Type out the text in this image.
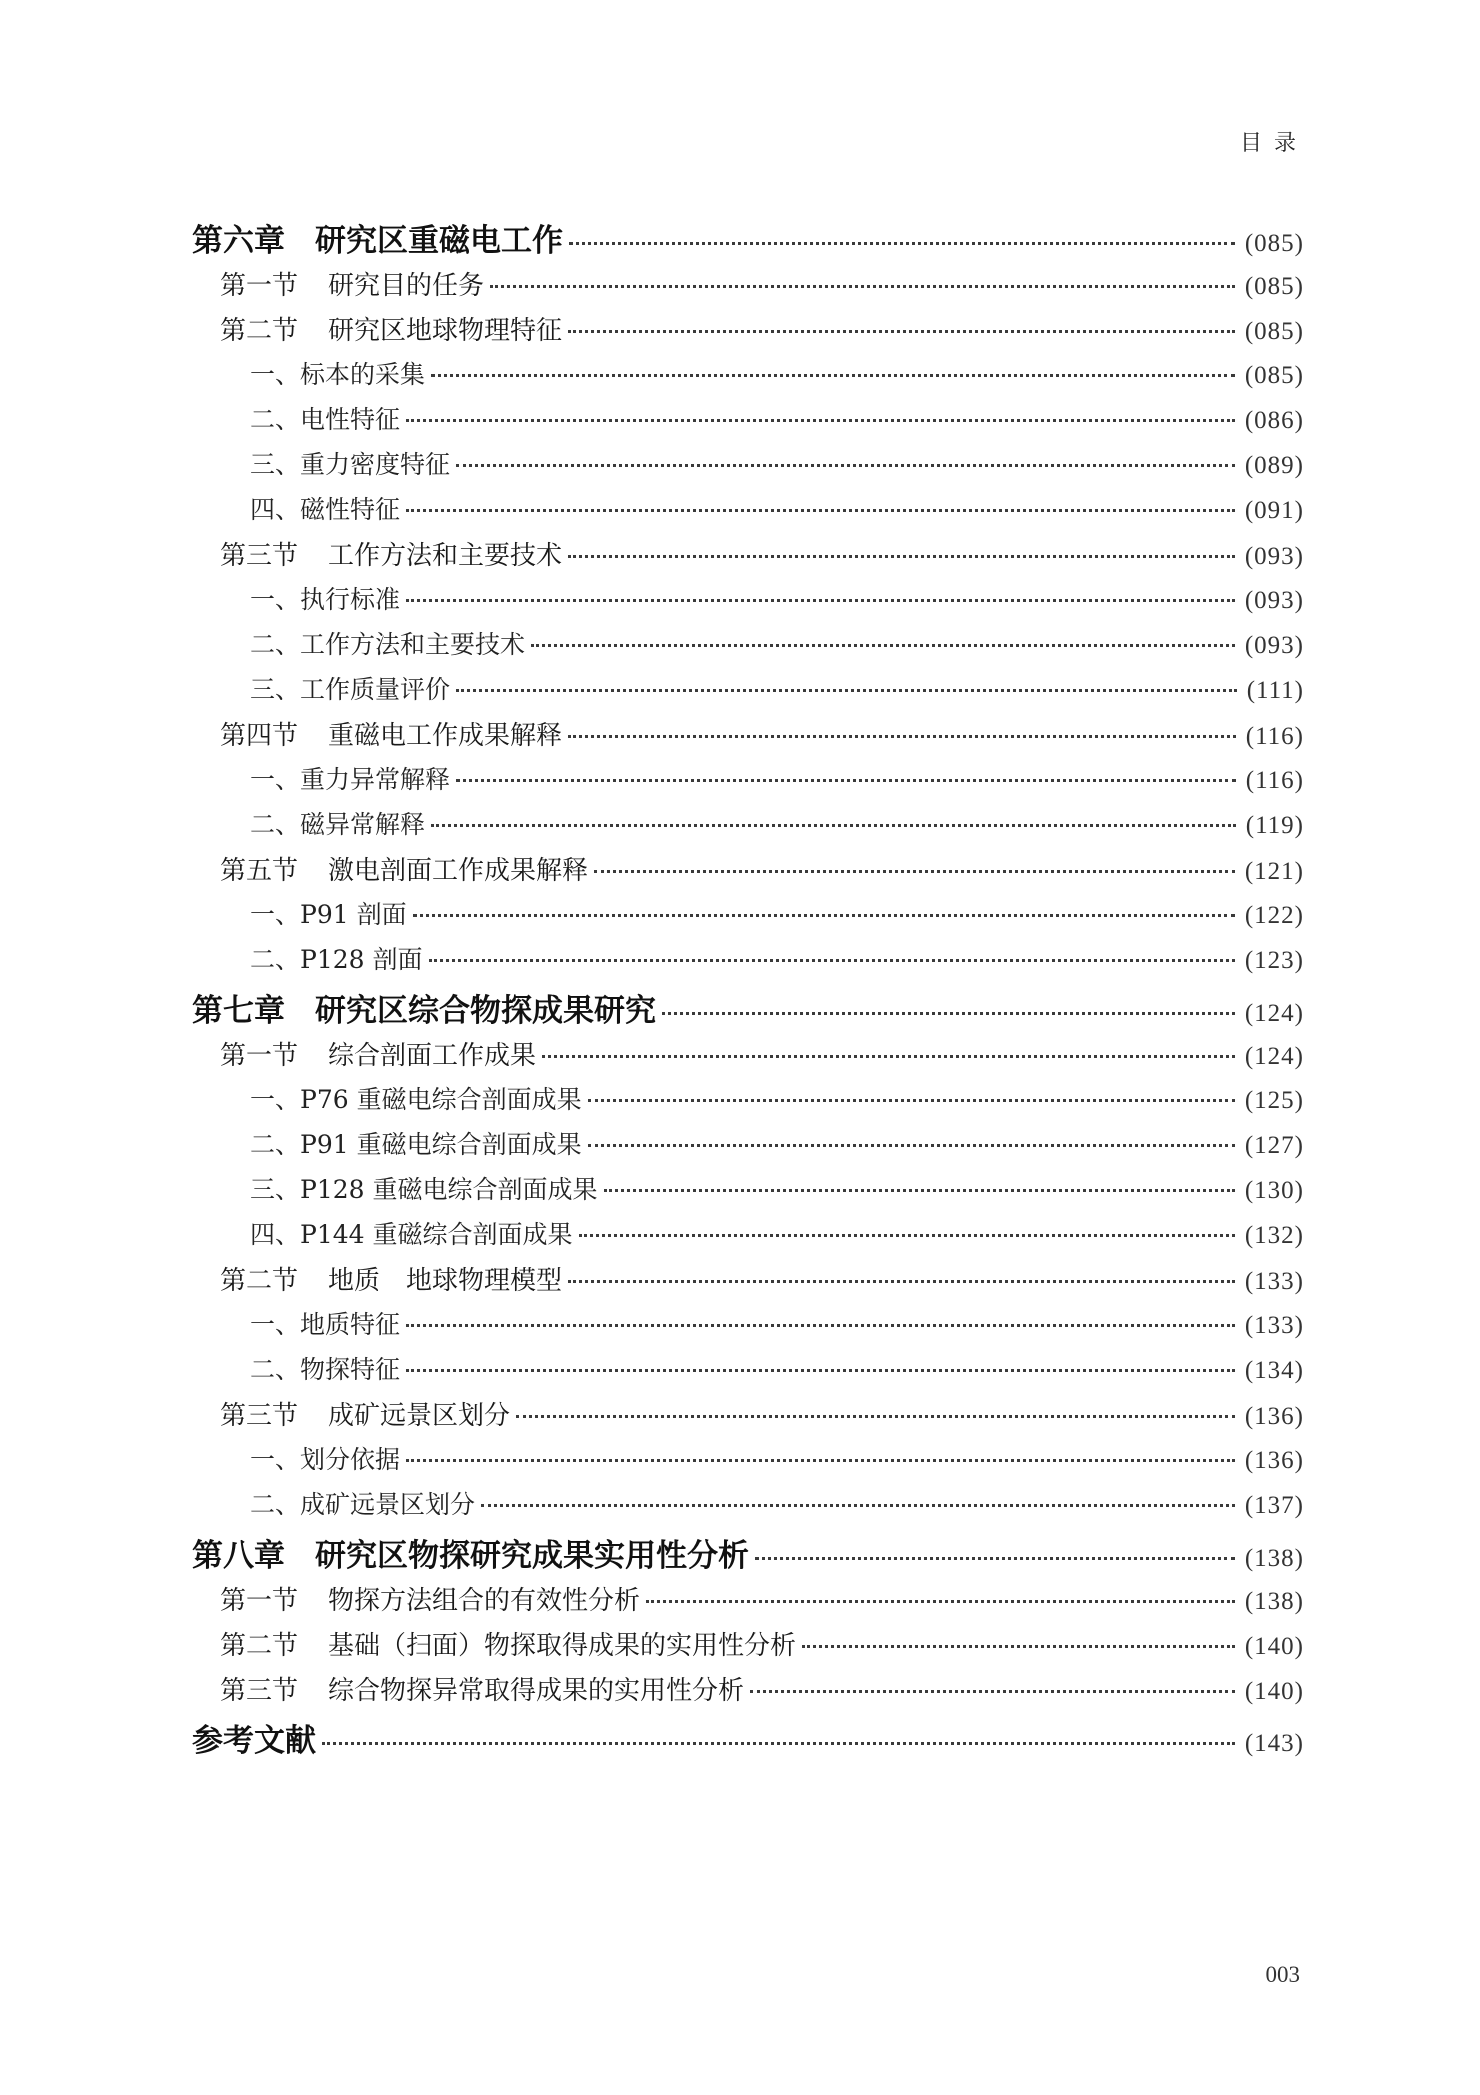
目录
第六章 研究区重磁电工作	(085)
第一节 研究目的任务	(085)
第二节 研究区地球物理特征	(085)
一、标本的采集	(085)
二、电性特征	(086)
三、重力密度特征	(089)
四、磁性特征	(091)
第三节 工作方法和主要技术	(093)
一、执行标准	(093)
二、工作方法和主要技术	(093)
三、工作质量评价	(111)
第四节 重磁电工作成果解释	(116)
一、重力异常解释	(116)
二、磁异常解释	(119)
第五节 激电剖面工作成果解释	(121)
一、P91 剖面	(122)
二、P128 剖面	(123)
第七章 研究区综合物探成果研究	(124)
第一节 综合剖面工作成果	(124)
一、P76 重磁电综合剖面成果	(125)
二、P91 重磁电综合剖面成果	(127)
三、P128 重磁电综合剖面成果	(130)
四、P144 重磁综合剖面成果	(132)
第二节 地质　地球物理模型	(133)
一、地质特征	(133)
二、物探特征	(134)
第三节 成矿远景区划分	(136)
一、划分依据	(136)
二、成矿远景区划分	(137)
第八章 研究区物探研究成果实用性分析	(138)
第一节 物探方法组合的有效性分析	(138)
第二节 基础（扫面）物探取得成果的实用性分析	(140)
第三节 综合物探异常取得成果的实用性分析	(140)
参考文献	(143)
003
